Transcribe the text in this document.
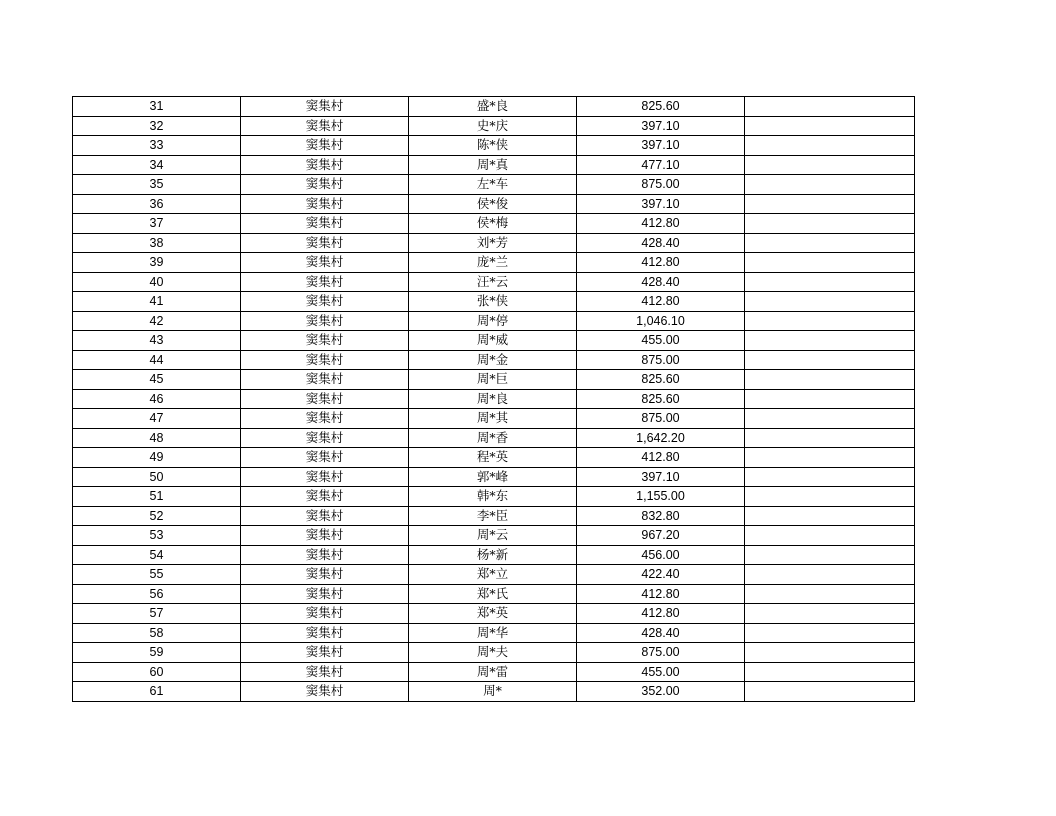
31	窦集村	盛*良	825.60	
32	窦集村	史*庆	397.10	
33	窦集村	陈*侠	397.10	
34	窦集村	周*真	477.10	
35	窦集村	左*车	875.00	
36	窦集村	侯*俊	397.10	
37	窦集村	侯*梅	412.80	
38	窦集村	刘*芳	428.40	
39	窦集村	庞*兰	412.80	
40	窦集村	汪*云	428.40	
41	窦集村	张*侠	412.80	
42	窦集村	周*停	1,046.10	
43	窦集村	周*威	455.00	
44	窦集村	周*金	875.00	
45	窦集村	周*巨	825.60	
46	窦集村	周*良	825.60	
47	窦集村	周*其	875.00	
48	窦集村	周*香	1,642.20	
49	窦集村	程*英	412.80	
50	窦集村	郭*峰	397.10	
51	窦集村	韩*东	1,155.00	
52	窦集村	李*臣	832.80	
53	窦集村	周*云	967.20	
54	窦集村	杨*新	456.00	
55	窦集村	郑*立	422.40	
56	窦集村	郑*氏	412.80	
57	窦集村	郑*英	412.80	
58	窦集村	周*华	428.40	
59	窦集村	周*夫	875.00	
60	窦集村	周*雷	455.00	
61	窦集村	周*	352.00	
